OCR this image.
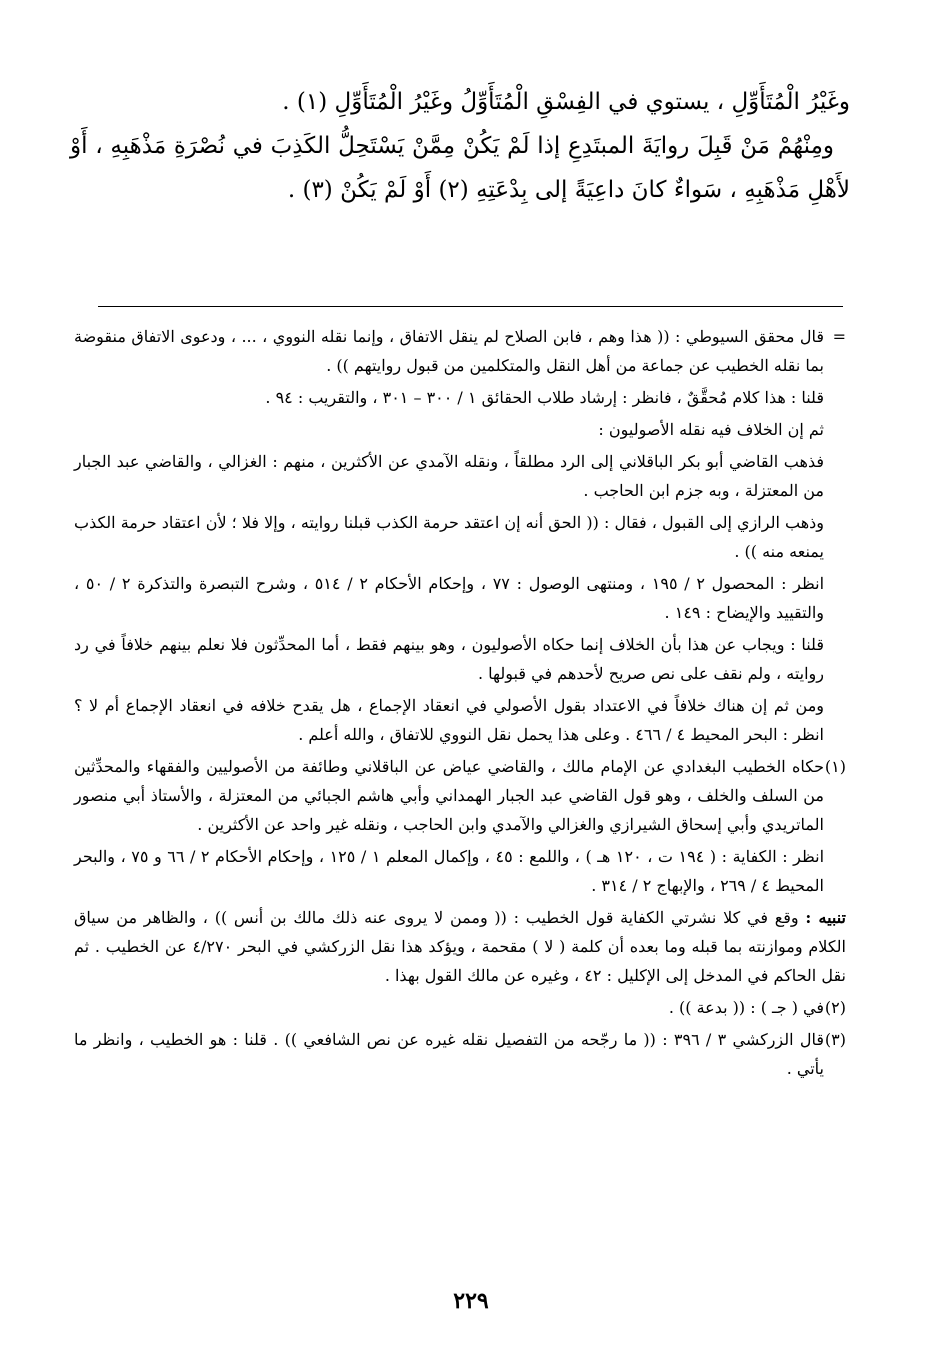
وغَيْرُ الْمُتَأَوِّلِ ، يستوي في الفِسْقِ الْمُتَأَوِّلُ وغَيْرُ الْمُتَأَوِّلِ (١) .

ومِنْهُمْ مَنْ قَبِلَ روايَةَ المبتَدِعِ إذا لَمْ يَكُنْ مِمَّنْ يَسْتَحِلُّ الكَذِبَ في نُصْرَةِ مَذْهَبِهِ ، أَوْ لأَهْلِ مَذْهَبِهِ ، سَواءٌ كانَ داعِيَةً إلى بِدْعَتِهِ (٢) أَوْ لَمْ يَكُنْ (٣) .

=
قال محقق السيوطي : (( هذا وهم ، فابن الصلاح لم ينقل الاتفاق ، وإنما نقله النووي ، ... ، ودعوى الاتفاق منقوضة بما نقله الخطيب عن جماعة من أهل النقل والمتكلمين من قبول روايتهم )) .

قلنا : هذا كلام مُحقَّقٌ ، فانظر : إرشاد طلاب الحقائق ١ / ٣٠٠ – ٣٠١ ، والتقريب : ٩٤ .

ثم إن الخلاف فيه نقله الأصوليون :

فذهب القاضي أبو بكر الباقلاني إلى الرد مطلقاً ، ونقله الآمدي عن الأكثرين ، منهم : الغزالي ، والقاضي عبد الجبار من المعتزلة ، وبه جزم ابن الحاجب .

وذهب الرازي إلى القبول ، فقال : (( الحق أنه إن اعتقد حرمة الكذب قبلنا روايته ، وإلا فلا ؛ لأن اعتقاد حرمة الكذب يمنعه منه )) .

انظر : المحصول ٢ / ١٩٥ ، ومنتهى الوصول : ٧٧ ، وإحكام الأحكام ٢ / ٥١٤ ، وشرح التبصرة والتذكرة ٢ / ٥٠ ، والتقييد والإيضاح : ١٤٩ .

قلنا : ويجاب عن هذا بأن الخلاف إنما حكاه الأصوليون ، وهو بينهم فقط ، أما المحدِّثون فلا نعلم بينهم خلافاً في رد روايته ، ولم نقف على نص صريح لأحدهم في قبولها .

ومن ثم إن هناك خلافاً في الاعتداد بقول الأصولي في انعقاد الإجماع ، هل يقدح خلافه في انعقاد الإجماع أم لا ؟ انظر : البحر المحيط ٤ / ٤٦٦ . وعلى هذا يحمل نقل النووي للاتفاق ، والله أعلم .

(١)
حكاه الخطيب البغدادي عن الإمام مالك ، والقاضي عياض عن الباقلاني وطائفة من الأصوليين والفقهاء والمحدِّثين من السلف والخلف ، وهو قول القاضي عبد الجبار الهمداني وأبي هاشم الجبائي من المعتزلة ، والأستاذ أبي منصور الماتريدي وأبي إسحاق الشيرازي والغزالي والآمدي وابن الحاجب ، ونقله غير واحد عن الأكثرين .

انظر : الكفاية : ( ١٩٤ ت ، ١٢٠ هـ ) ، واللمع : ٤٥ ، وإكمال المعلم ١ / ١٢٥ ، وإحكام الأحكام ٢ / ٦٦ و ٧٥ ، والبحر المحيط ٤ / ٢٦٩ ، والإبهاج ٢ / ٣١٤ .

تنبيه : وقع في كلا نشرتي الكفاية قول الخطيب : (( وممن لا يروى عنه ذلك مالك بن أنس )) ، والظاهر من سياق الكلام وموازنته بما قبله وما بعده أن كلمة ( لا ) مقحمة ، ويؤكد هذا نقل الزركشي في البحر ٤/٢٧٠ عن الخطيب . ثم نقل الحاكم في المدخل إلى الإكليل : ٤٢ ، وغيره عن مالك القول بهذا .

(٢)
في ( جـ ) : (( بدعة )) .

(٣)
قال الزركشي ٣ / ٣٩٦ : (( ما رجّحه من التفصيل نقله غيره عن نص الشافعي )) . قلنا : هو الخطيب ، وانظر ما يأتي .

٢٢٩
